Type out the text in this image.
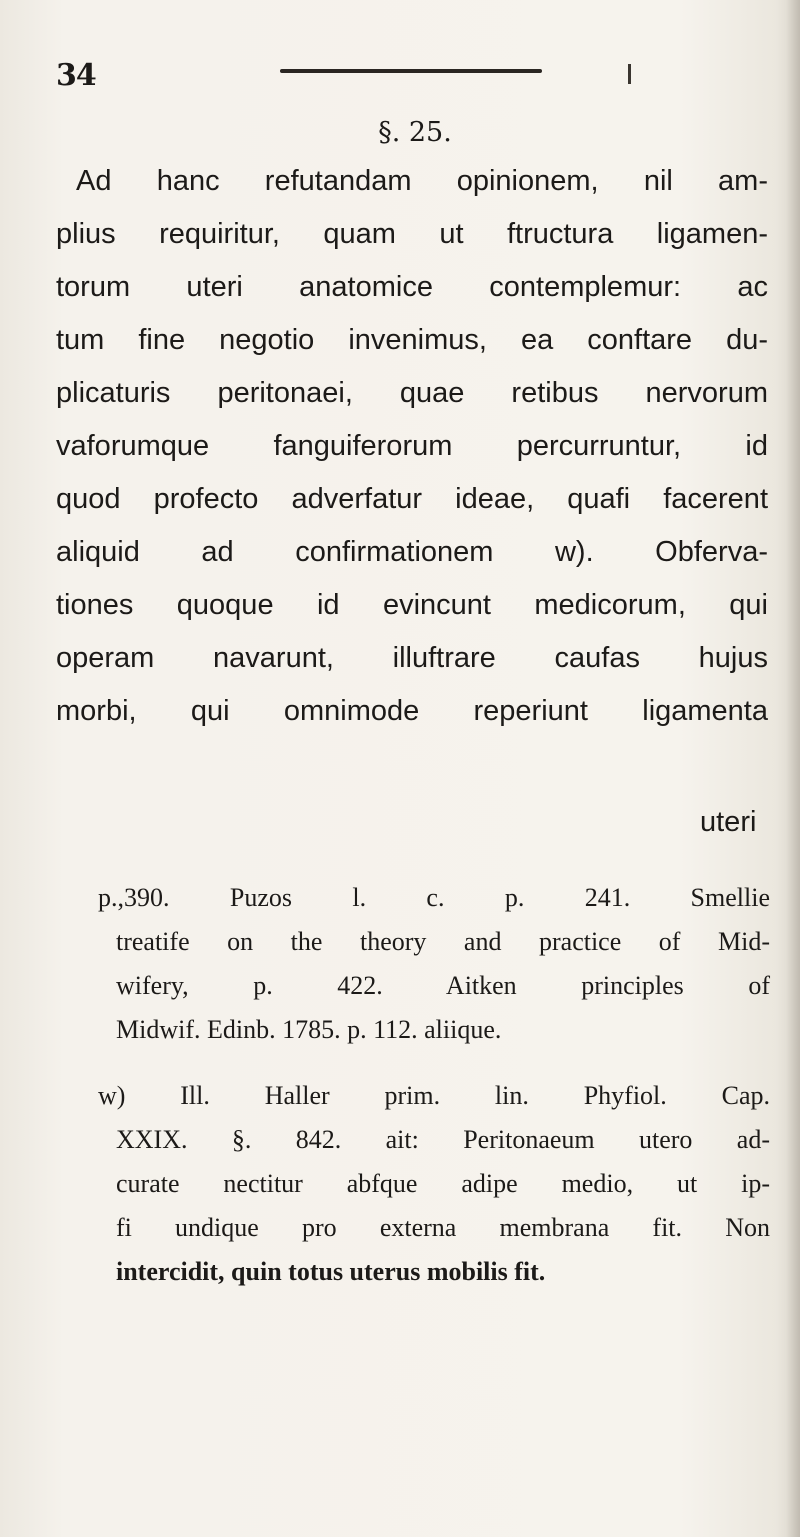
34
§. 25.
Ad hanc refutandam opinionem, nil am-
plius requiritur, quam ut ftructura ligamen-
torum uteri anatomice contemplemur: ac
tum fine negotio invenimus, ea conftare du-
plicaturis peritonaei, quae retibus nervorum
vaforumque fanguiferorum percurruntur, id
quod profecto adverfatur ideae, quafi facerent
aliquid ad confirmationem w). Obferva-
tiones quoque id evincunt medicorum, qui
operam navarunt, illuftrare caufas hujus
morbi, qui omnimode reperiunt ligamenta
uteri
p.,390. Puzos l. c. p. 241. Smellie
treatife on the theory and practice of Mid-
wifery, p. 422. Aitken principles of
Midwif. Edinb. 1785. p. 112. aliique.
w) Ill. Haller prim. lin. Phyfiol. Cap.
XXIX. §. 842. ait: Peritonaeum utero ad-
curate nectitur abfque adipe medio, ut ip-
fi undique pro externa membrana fit. Non
intercidit, quin totus uterus mobilis fit.
